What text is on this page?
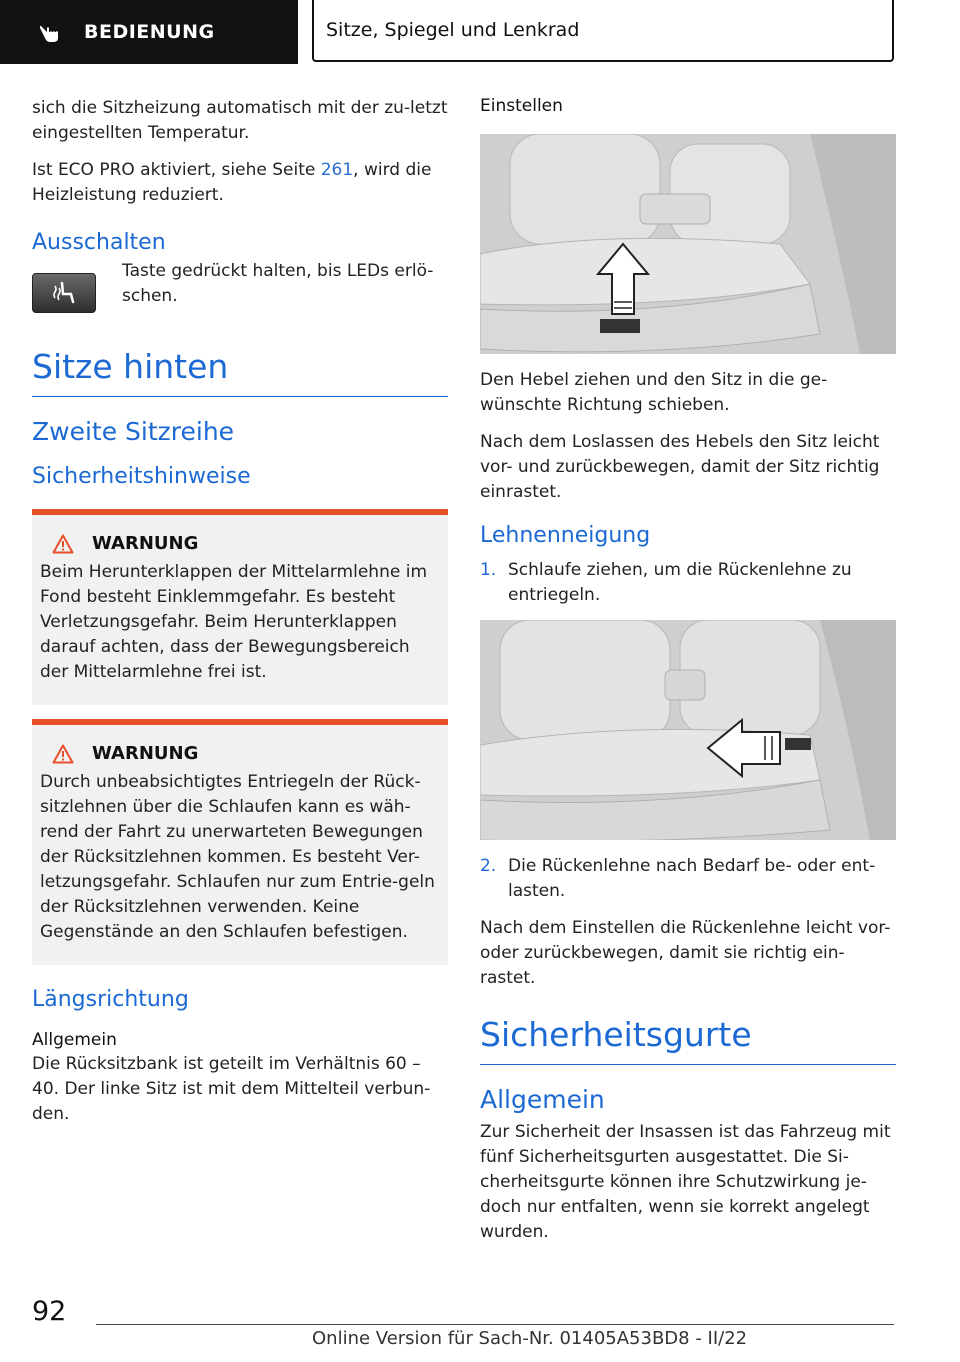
BEDIENUNG	Sitze, Spiegel und Lenkrad

sich die Sitzheizung automatisch mit der zu-letzt eingestellten Temperatur.

Ist ECO PRO aktiviert, siehe Seite 261, wird die Heizleistung reduziert.

Ausschalten

Taste gedrückt halten, bis LEDs erlö-schen.

Sitze hinten
Zweite Sitzreihe
Sicherheitshinweise
WARNUNG

Beim Herunterklappen der Mittelarmlehne im Fond besteht Einklemmgefahr. Es besteht Verletzungsgefahr. Beim Herunterklappen darauf achten, dass der Bewegungsbereich der Mittelarmlehne frei ist.

WARNUNG

Durch unbeabsichtigtes Entriegeln der Rück-sitzlehnen über die Schlaufen kann es wäh-rend der Fahrt zu unerwarteten Bewegungen der Rücksitzlehnen kommen. Es besteht Ver-letzungsgefahr. Schlaufen nur zum Entrie-geln der Rücksitzlehnen verwenden. Keine Gegenstände an den Schlaufen befestigen.

Längsrichtung
Allgemein

Die Rücksitzbank ist geteilt im Verhältnis 60 – 40. Der linke Sitz ist mit dem Mittelteil verbun-den.

Einstellen

Den Hebel ziehen und den Sitz in die ge-wünschte Richtung schieben.

Nach dem Loslassen des Hebels den Sitz leicht vor- und zurückbewegen, damit der Sitz richtig einrastet.

Lehnenneigung
1. Schlaufe ziehen, um die Rückenlehne zu entriegeln.
2. Die Rückenlehne nach Bedarf be- oder ent-lasten.

Nach dem Einstellen die Rückenlehne leicht vor- oder zurückbewegen, damit sie richtig ein-rastet.

Sicherheitsgurte
Allgemein

Zur Sicherheit der Insassen ist das Fahrzeug mit fünf Sicherheitsgurten ausgestattet. Die Si-cherheitsgurte können ihre Schutzwirkung je-doch nur entfalten, wenn sie korrekt angelegt wurden.

92
Online Version für Sach-Nr. 01405A53BD8 - II/22
